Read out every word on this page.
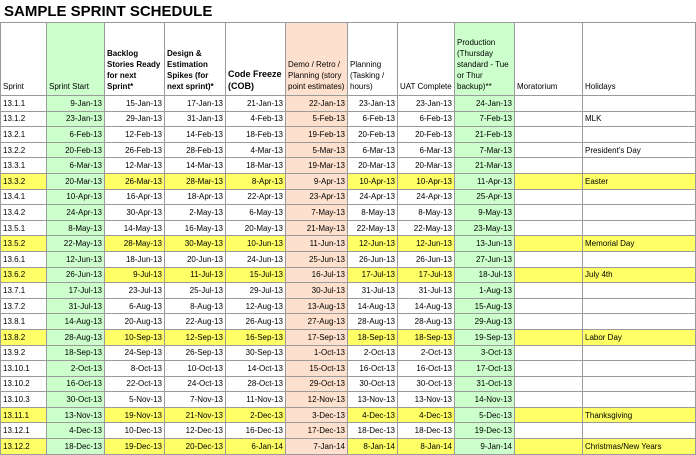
SAMPLE SPRINT SCHEDULE
Sprint	Sprint Start	Backlog Stories Ready for next Sprint*	Design & Estimation Spikes (for next sprint)*	Code Freeze (COB)	Demo / Retro / Planning (story point estimates)	Planning (Tasking / hours)	UAT Complete	Production (Thursday standard - Tue or Thur backup)**	Moratorium	Holidays
13.1.1	9-Jan-13	15-Jan-13	17-Jan-13	21-Jan-13	22-Jan-13	23-Jan-13	23-Jan-13	24-Jan-13		
13.1.2	23-Jan-13	29-Jan-13	31-Jan-13	4-Feb-13	5-Feb-13	6-Feb-13	6-Feb-13	7-Feb-13		MLK
13.2.1	6-Feb-13	12-Feb-13	14-Feb-13	18-Feb-13	19-Feb-13	20-Feb-13	20-Feb-13	21-Feb-13		
13.2.2	20-Feb-13	26-Feb-13	28-Feb-13	4-Mar-13	5-Mar-13	6-Mar-13	6-Mar-13	7-Mar-13		President's Day
13.3.1	6-Mar-13	12-Mar-13	14-Mar-13	18-Mar-13	19-Mar-13	20-Mar-13	20-Mar-13	21-Mar-13		
13.3.2	20-Mar-13	26-Mar-13	28-Mar-13	8-Apr-13	9-Apr-13	10-Apr-13	10-Apr-13	11-Apr-13		Easter
13.4.1	10-Apr-13	16-Apr-13	18-Apr-13	22-Apr-13	23-Apr-13	24-Apr-13	24-Apr-13	25-Apr-13		
13.4.2	24-Apr-13	30-Apr-13	2-May-13	6-May-13	7-May-13	8-May-13	8-May-13	9-May-13		
13.5.1	8-May-13	14-May-13	16-May-13	20-May-13	21-May-13	22-May-13	22-May-13	23-May-13		
13.5.2	22-May-13	28-May-13	30-May-13	10-Jun-13	11-Jun-13	12-Jun-13	12-Jun-13	13-Jun-13		Memorial Day
13.6.1	12-Jun-13	18-Jun-13	20-Jun-13	24-Jun-13	25-Jun-13	26-Jun-13	26-Jun-13	27-Jun-13		
13.6.2	26-Jun-13	9-Jul-13	11-Jul-13	15-Jul-13	16-Jul-13	17-Jul-13	17-Jul-13	18-Jul-13		July 4th
13.7.1	17-Jul-13	23-Jul-13	25-Jul-13	29-Jul-13	30-Jul-13	31-Jul-13	31-Jul-13	1-Aug-13		
13.7.2	31-Jul-13	6-Aug-13	8-Aug-13	12-Aug-13	13-Aug-13	14-Aug-13	14-Aug-13	15-Aug-13		
13.8.1	14-Aug-13	20-Aug-13	22-Aug-13	26-Aug-13	27-Aug-13	28-Aug-13	28-Aug-13	29-Aug-13		
13.8.2	28-Aug-13	10-Sep-13	12-Sep-13	16-Sep-13	17-Sep-13	18-Sep-13	18-Sep-13	19-Sep-13		Labor Day
13.9.2	18-Sep-13	24-Sep-13	26-Sep-13	30-Sep-13	1-Oct-13	2-Oct-13	2-Oct-13	3-Oct-13		
13.10.1	2-Oct-13	8-Oct-13	10-Oct-13	14-Oct-13	15-Oct-13	16-Oct-13	16-Oct-13	17-Oct-13		
13.10.2	16-Oct-13	22-Oct-13	24-Oct-13	28-Oct-13	29-Oct-13	30-Oct-13	30-Oct-13	31-Oct-13		
13.10.3	30-Oct-13	5-Nov-13	7-Nov-13	11-Nov-13	12-Nov-13	13-Nov-13	13-Nov-13	14-Nov-13		
13.11.1	13-Nov-13	19-Nov-13	21-Nov-13	2-Dec-13	3-Dec-13	4-Dec-13	4-Dec-13	5-Dec-13		Thanksgiving
13.12.1	4-Dec-13	10-Dec-13	12-Dec-13	16-Dec-13	17-Dec-13	18-Dec-13	18-Dec-13	19-Dec-13		
13.12.2	18-Dec-13	19-Dec-13	20-Dec-13	6-Jan-14	7-Jan-14	8-Jan-14	8-Jan-14	9-Jan-14		Christmas/New Years
